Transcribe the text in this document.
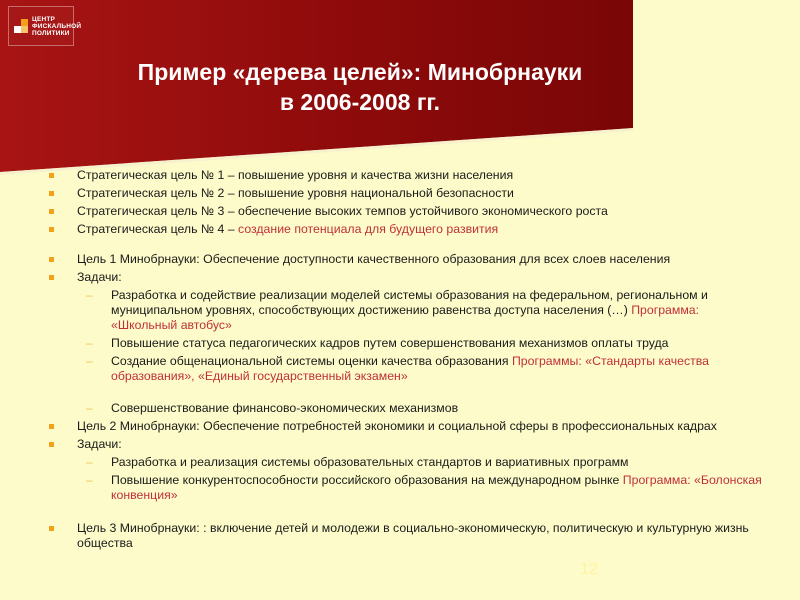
ЦЕНТР
ФИСКАЛЬНОЙ
ПОЛИТИКИ
Пример «дерева целей»: Минобрнауки
в 2006-2008 гг.
Стратегическая цель № 1 – повышение уровня и качества жизни населения
Стратегическая цель № 2 – повышение уровня национальной безопасности
Стратегическая цель № 3 – обеспечение высоких темпов устойчивого экономического роста
Стратегическая цель № 4 – создание потенциала для будущего развития
Цель 1 Минобрнауки: Обеспечение доступности качественного образования для всех слоев населения
Задачи:
– Разработка и содействие реализации моделей системы образования на федеральном, региональном и муниципальном уровнях, способствующих достижению равенства доступа населения (…) Программа: «Школьный автобус»
– Повышение статуса педагогических кадров путем совершенствования механизмов оплаты труда
– Создание общенациональной системы оценки качества образования Программы: «Стандарты качества образования», «Единый государственный экзамен»
– Совершенствование финансово-экономических механизмов
Цель 2 Минобрнауки: Обеспечение потребностей экономики и социальной сферы в профессиональных кадрах
Задачи:
– Разработка и реализация системы образовательных стандартов и вариативных программ
– Повышение конкурентоспособности российского образования на международном рынке Программа: «Болонская конвенция»
Цель 3 Минобрнауки: : включение детей и молодежи в социально-экономическую, политическую и культурную жизнь общества
12
